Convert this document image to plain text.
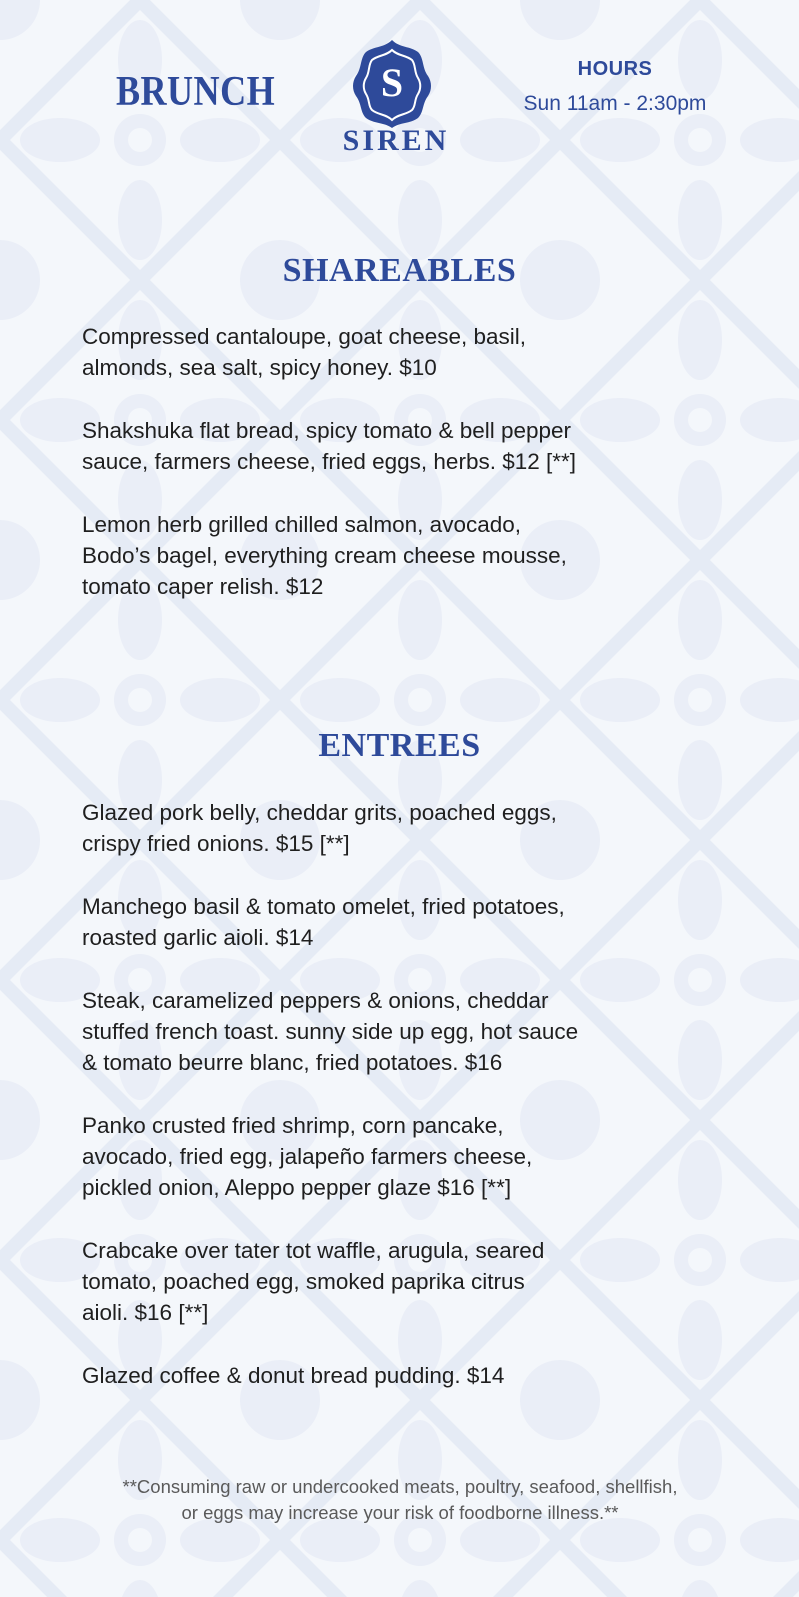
BRUNCH	S
SIREN
HOURS
Sun 11am - 2:30pm
SHAREABLES
Compressed cantaloupe, goat cheese, basil,
almonds, sea salt, spicy honey. $10
Shakshuka flat bread, spicy tomato & bell pepper
sauce, farmers cheese, fried eggs, herbs. $12 [**]
Lemon herb grilled chilled salmon, avocado,
Bodo’s bagel, everything cream cheese mousse,
tomato caper relish. $12
ENTREES
Glazed pork belly, cheddar grits, poached eggs,
crispy fried onions. $15 [**]
Manchego basil & tomato omelet, fried potatoes,
roasted garlic aioli. $14
Steak, caramelized peppers & onions, cheddar
stuffed french toast. sunny side up egg, hot sauce
& tomato beurre blanc, fried potatoes. $16
Panko crusted fried shrimp, corn pancake,
avocado, fried egg, jalapeño farmers cheese,
pickled onion, Aleppo pepper glaze $16 [**]
Crabcake over tater tot waffle, arugula, seared
tomato, poached egg, smoked paprika citrus
aioli. $16 [**]
Glazed coffee & donut bread pudding. $14

**Consuming raw or undercooked meats, poultry, seafood, shellfish,
or eggs may increase your risk of foodborne illness.**
